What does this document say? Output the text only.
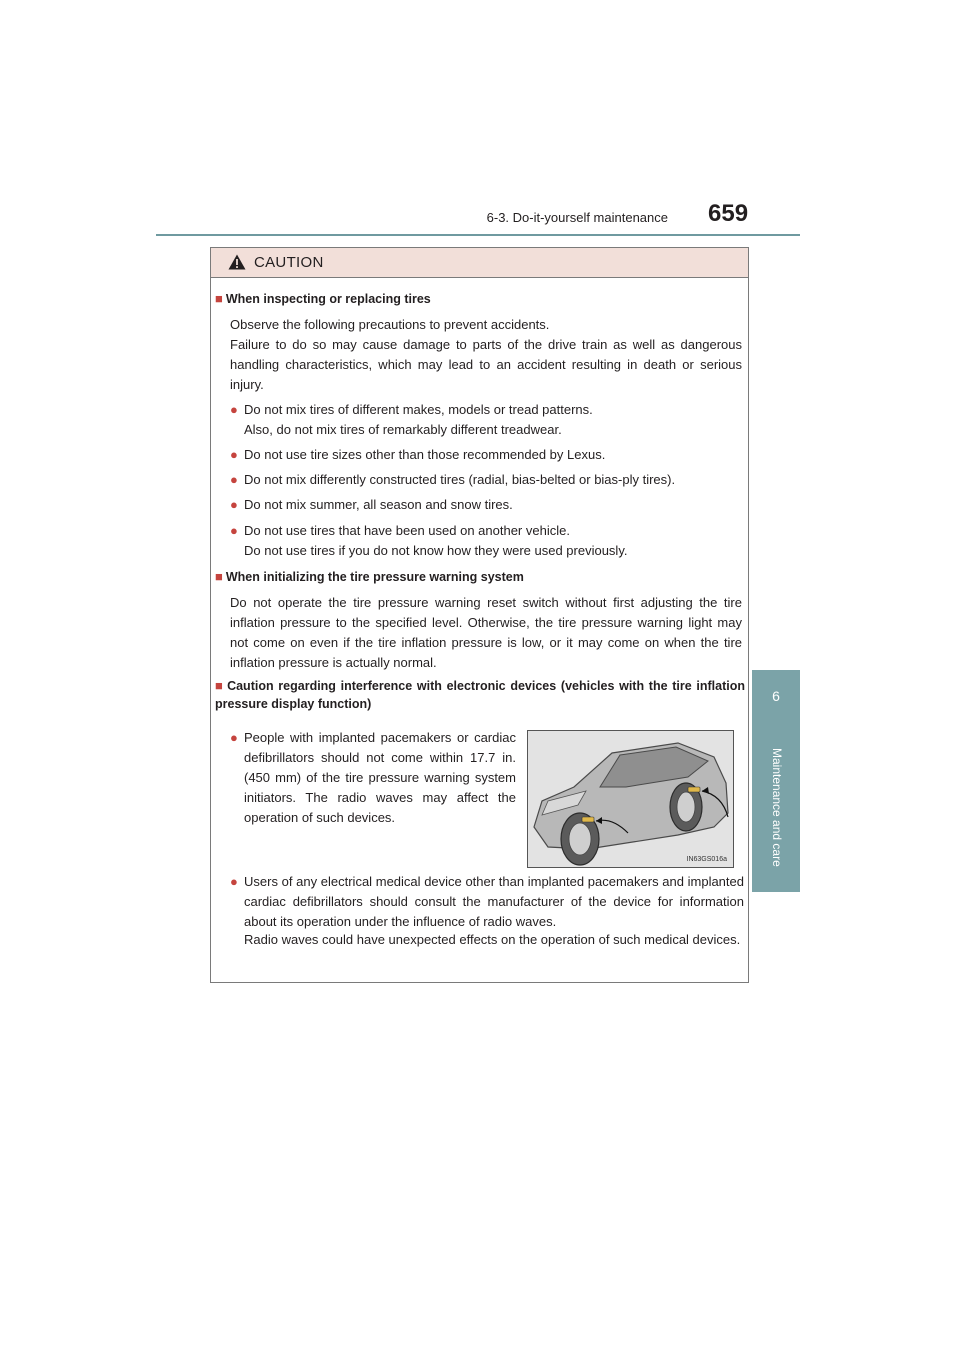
6-3. Do-it-yourself maintenance 659
6
Maintenance and care
CAUTION
■ When inspecting or replacing tires
Observe the following precautions to prevent accidents.
Failure to do so may cause damage to parts of the drive train as well as dangerous handling characteristics, which may lead to an accident resulting in death or serious injury.
● Do not mix tires of different makes, models or tread patterns.
Also, do not mix tires of remarkably different treadwear.
● Do not use tire sizes other than those recommended by Lexus.
● Do not mix differently constructed tires (radial, bias-belted or bias-ply tires).
● Do not mix summer, all season and snow tires.
● Do not use tires that have been used on another vehicle.
Do not use tires if you do not know how they were used previously.
■ When initializing the tire pressure warning system
Do not operate the tire pressure warning reset switch without first adjusting the tire inflation pressure to the specified level. Otherwise, the tire pressure warning light may not come on even if the tire inflation pressure is low, or it may come on when the tire inflation pressure is actually normal.
■ Caution regarding interference with electronic devices (vehicles with the tire inflation pressure display function)
● People with implanted pacemakers or cardiac defibrillators should not come within 17.7 in. (450 mm) of the tire pressure warning system initiators. The radio waves may affect the operation of such devices.
IN63GS016a
● Users of any electrical medical device other than implanted pacemakers and implanted cardiac defibrillators should consult the manufacturer of the device for information about its operation under the influence of radio waves.
Radio waves could have unexpected effects on the operation of such medical devices.
